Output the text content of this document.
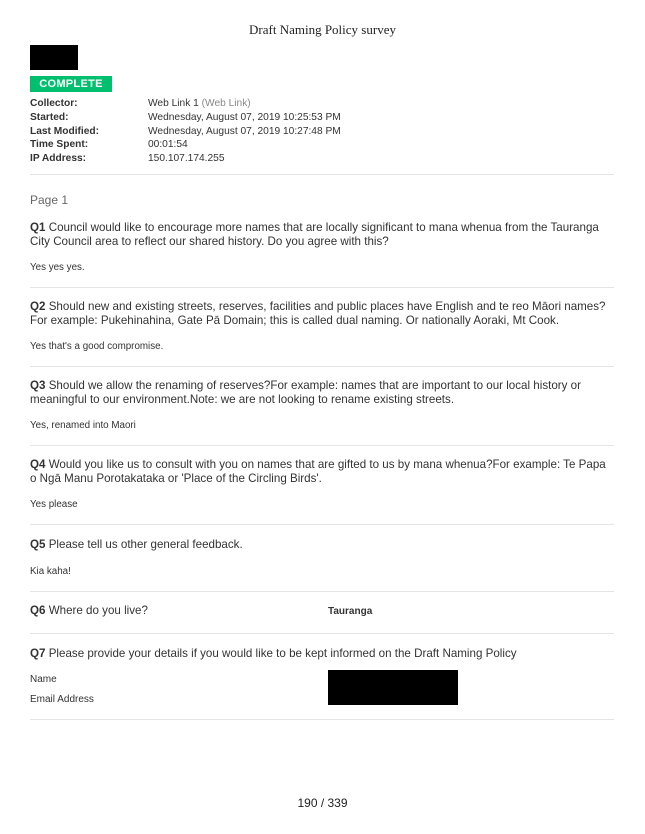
Draft Naming Policy survey
COMPLETE
Collector:	Web Link 1 (Web Link)
Started:	Wednesday, August 07, 2019 10:25:53 PM
Last Modified:	Wednesday, August 07, 2019 10:27:48 PM
Time Spent:	00:01:54
IP Address:	150.107.174.255
Page 1
Q1 Council would like to encourage more names that are locally significant to mana whenua from the Tauranga City Council area to reflect our shared history. Do you agree with this?
Yes yes yes.
Q2 Should new and existing streets, reserves, facilities and public places have English and te reo Māori names?For example: Pukehinahina, Gate Pā Domain; this is called dual naming. Or nationally Aoraki, Mt Cook.
Yes that's a good compromise.
Q3 Should we allow the renaming of reserves?For example: names that are important to our local history or meaningful to our environment.Note: we are not looking to rename existing streets.
Yes, renamed into Maori
Q4 Would you like us to consult with you on names that are gifted to us by mana whenua?For example: Te Papa o Ngā Manu Porotakataka or 'Place of the Circling Birds'.
Yes please
Q5 Please tell us other general feedback.
Kia kaha!
Q6 Where do you live?	Tauranga
Q7 Please provide your details if you would like to be kept informed on the Draft Naming Policy
Name
Email Address
190 / 339
